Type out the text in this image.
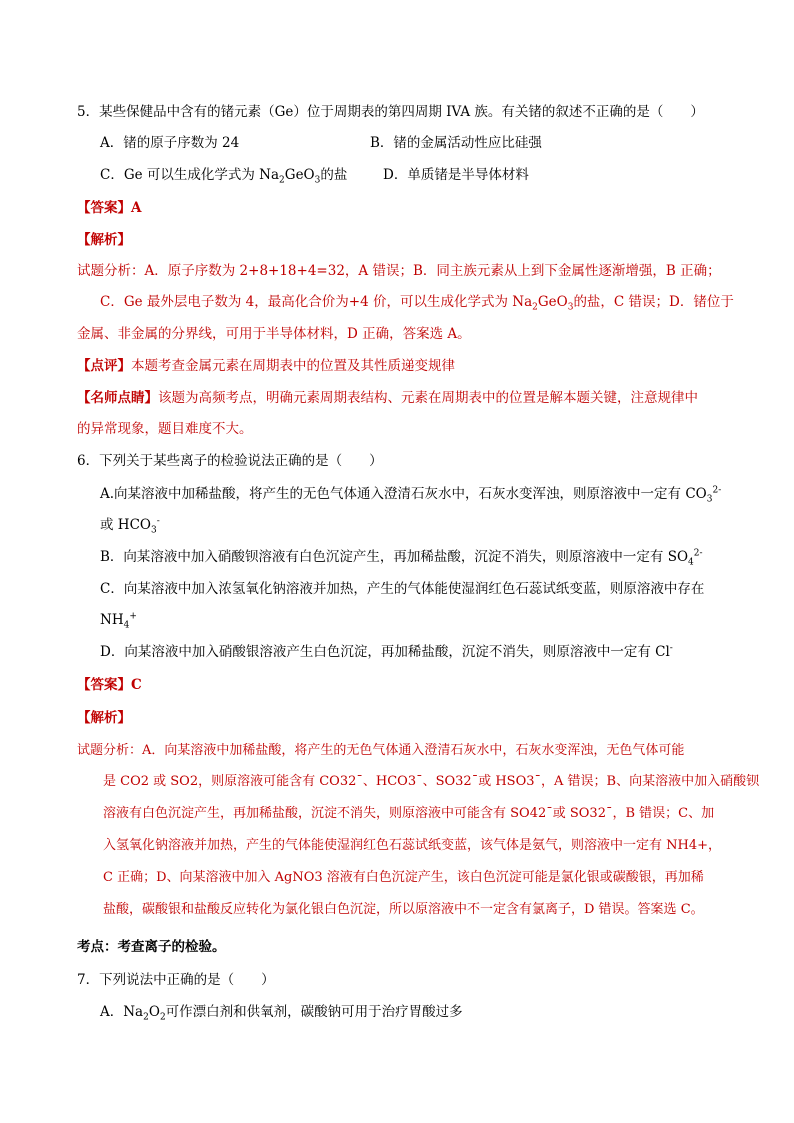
5．某些保健品中含有的锗元素（Ge）位于周期表的第四周期 IVA 族。有关锗的叙述不正确的是（　　）
A．锗的原子序数为 24	B．锗的金属活动性应比硅强
C．Ge 可以生成化学式为 $Na_2GeO_3$的盐	D．单质锗是半导体材料
【答案】A
【解析】
试题分析：A．原子序数为 2+8+18+4=32，A 错误；B．同主族元素从上到下金属性逐渐增强，B 正确；
C．Ge 最外层电子数为 4，最高化合价为+4 价，可以生成化学式为 $Na_2GeO_3$的盐，C 错误；D．锗位于
金属、非金属的分界线，可用于半导体材料，D 正确，答案选 A。
【点评】本题考查金属元素在周期表中的位置及其性质递变规律
【名师点睛】该题为高频考点，明确元素周期表结构、元素在周期表中的位置是解本题关键，注意规律中
的异常现象，题目难度不大。
6．下列关于某些离子的检验说法正确的是（　　）
A.向某溶液中加稀盐酸，将产生的无色气体通入澄清石灰水中，石灰水变浑浊，则原溶液中一定有 $CO_3^{2-}$
或 $HCO_3^-$
B．向某溶液中加入硝酸钡溶液有白色沉淀产生，再加稀盐酸，沉淀不消失，则原溶液中一定有 $SO_4^{2-}$
C．向某溶液中加入浓氢氧化钠溶液并加热，产生的气体能使湿润红色石蕊试纸变蓝，则原溶液中存在
$NH_4^+$
D．向某溶液中加入硝酸银溶液产生白色沉淀，再加稀盐酸，沉淀不消失，则原溶液中一定有 Cl-
【答案】C
【解析】
试题分析：A．向某溶液中加稀盐酸，将产生的无色气体通入澄清石灰水中，石灰水变浑浊，无色气体可能
是 CO2 或 SO2，则原溶液可能含有 CO32¯、HCO3¯、SO32¯或 HSO3¯，A 错误；B、向某溶液中加入硝酸钡
溶液有白色沉淀产生，再加稀盐酸，沉淀不消失，则原溶液中可能含有 SO42¯或 SO32¯，B 错误；C、加
入氢氧化钠溶液并加热，产生的气体能使湿润红色石蕊试纸变蓝，该气体是氨气，则溶液中一定有 NH4+，
C 正确；D、向某溶液中加入 AgNO3 溶液有白色沉淀产生，该白色沉淀可能是氯化银或碳酸银，再加稀
盐酸，碳酸银和盐酸反应转化为氯化银白色沉淀，所以原溶液中不一定含有氯离子，D 错误。答案选 C。
考点：考查离子的检验。
7．下列说法中正确的是（　　）
A．$Na_2O_2$可作漂白剂和供氧剂，碳酸钠可用于治疗胃酸过多
